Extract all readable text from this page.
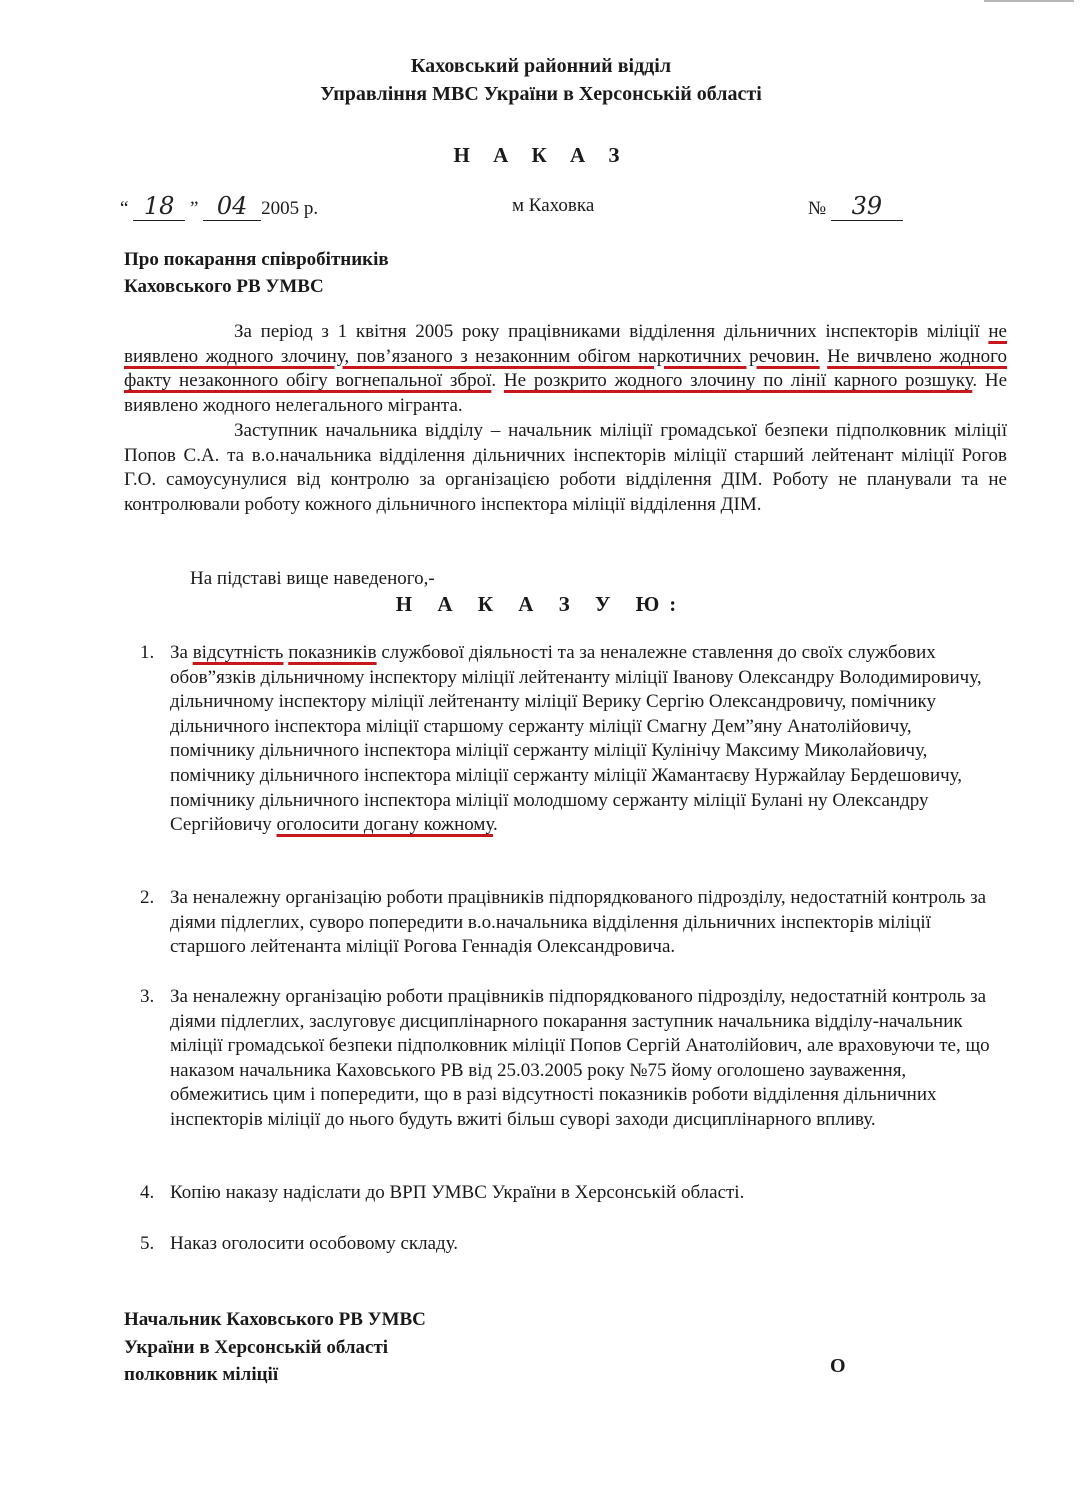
Каховський районний відділ
Управління МВС України в Херсонській області
Н А К А З
“ 18 ” 04 2005 р.	м Каховка	№ 39
Про покарання співробітників
Каховського РВ УМВС
За період з 1 квітня 2005 року працівниками відділення дільничних інспекторів міліції не виявлено жодного злочину, пов’язаного з незаконним обігом наркотичних речовин. Не вичвлено жодного факту незаконного обігу вогнепальної зброї. Не розкрито жодного злочину по лінії карного розшуку. Не виявлено жодного нелегального мігранта.
Заступник начальника відділу – начальник міліції громадської безпеки підполковник міліції Попов С.А. та в.о.начальника відділення дільничних інспекторів міліції старший лейтенант міліції Рогов Г.О. самоусунулися від контролю за організацією роботи відділення ДІМ. Роботу не планували та не контролювали роботу кожного дільничного інспектора міліції відділення ДІМ.
На підставі вище наведеного,-
Н А К А З У Ю:
1. За відсутність показників службової діяльності та за неналежне ставлення до своїх службових обов”язків дільничному інспектору міліції лейтенанту міліції Іванову Олександру Володимировичу, дільничному інспектору міліції лейтенанту міліції Верику Сергію Олександровичу, помічнику дільничного інспектора міліції старшому сержанту міліції Смагну Дем”яну Анатолійовичу, помічнику дільничного інспектора міліції сержанту міліції Кулінічу Максиму Миколайовичу, помічнику дільничного інспектора міліції сержанту міліції Жамантаєву Нуржайлау Бердешовичу, помічнику дільничного інспектора міліції молодшому сержанту міліції Булані ну Олександру Сергійовичу оголосити догану кожному.
2. За неналежну організацію роботи працівників підпорядкованого підрозділу, недостатній контроль за діями підлеглих, суворо попередити в.о.начальника відділення дільничних інспекторів міліції старшого лейтенанта міліції Рогова Геннадія Олександровича.
3. За неналежну організацію роботи працівників підпорядкованого підрозділу, недостатній контроль за діями підлеглих, заслуговує дисциплінарного покарання заступник начальника відділу-начальник міліції громадської безпеки підполковник міліції Попов Сергій Анатолійович, але враховуючи те, що наказом начальника Каховського РВ від 25.03.2005 року №75 йому оголошено зауваження, обмежитись цим і попередити, що в разі відсутності показників роботи відділення дільничних інспекторів міліції до нього будуть вжиті більш суворі заходи дисциплінарного впливу.
4. Копію наказу надіслати до ВРП УМВС України в Херсонській області.
5. Наказ оголосити особовому складу.
Начальник Каховського РВ УМВС
України в Херсонській області
полковник міліції	О
